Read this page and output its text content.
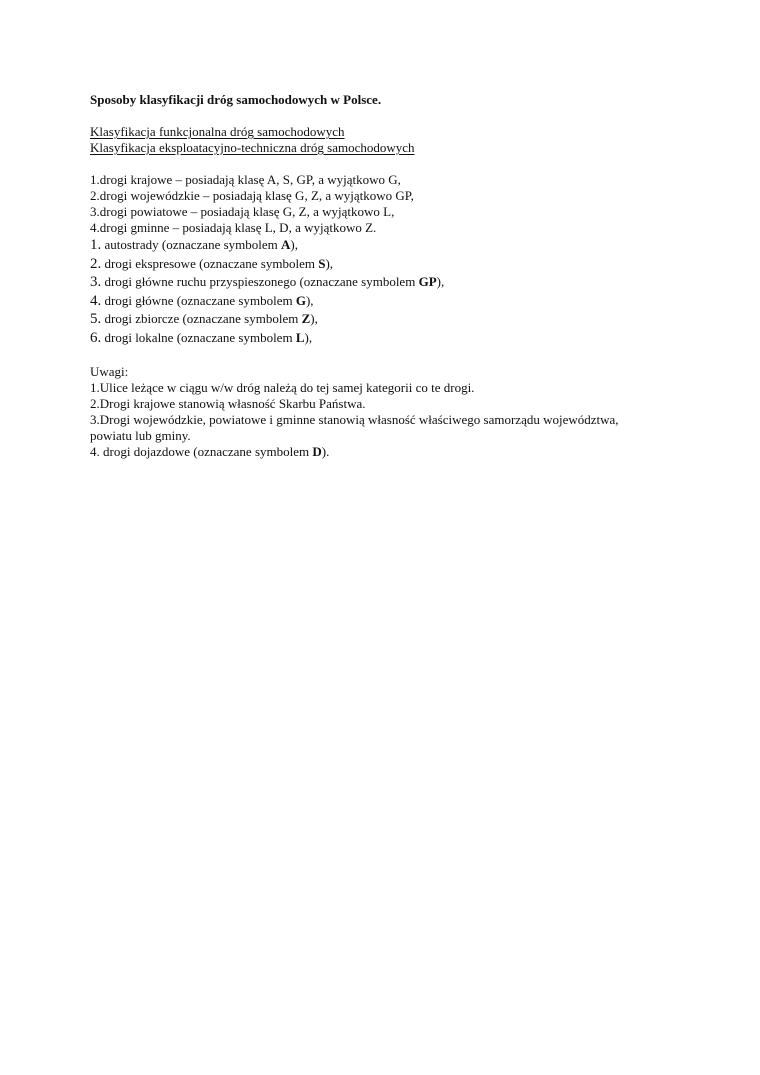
Sposoby klasyfikacji dróg samochodowych w Polsce.

Klasyfikacja funkcjonalna dróg samochodowych
Klasyfikacja eksploatacyjno-techniczna dróg samochodowych
1.drogi krajowe – posiadają klasę A, S, GP, a wyjątkowo G,
2.drogi wojewódzkie – posiadają klasę G, Z, a wyjątkowo GP,
3.drogi powiatowe – posiadają klasę G, Z, a wyjątkowo L,
4.drogi gminne – posiadają klasę L, D, a wyjątkowo Z.
1. autostrady (oznaczane symbolem A),
2. drogi ekspresowe (oznaczane symbolem S),
3. drogi główne ruchu przyspieszonego (oznaczane symbolem GP),
4. drogi główne (oznaczane symbolem G),
5. drogi zbiorcze (oznaczane symbolem Z),
6. drogi lokalne (oznaczane symbolem L),
Uwagi:
1.Ulice leżące w ciągu w/w dróg należą do tej samej kategorii co te drogi.
2.Drogi krajowe stanowią własność Skarbu Państwa.
3.Drogi wojewódzkie, powiatowe i gminne stanowią własność właściwego samorządu województwa, powiatu lub gminy.
4. drogi dojazdowe (oznaczane symbolem D).
